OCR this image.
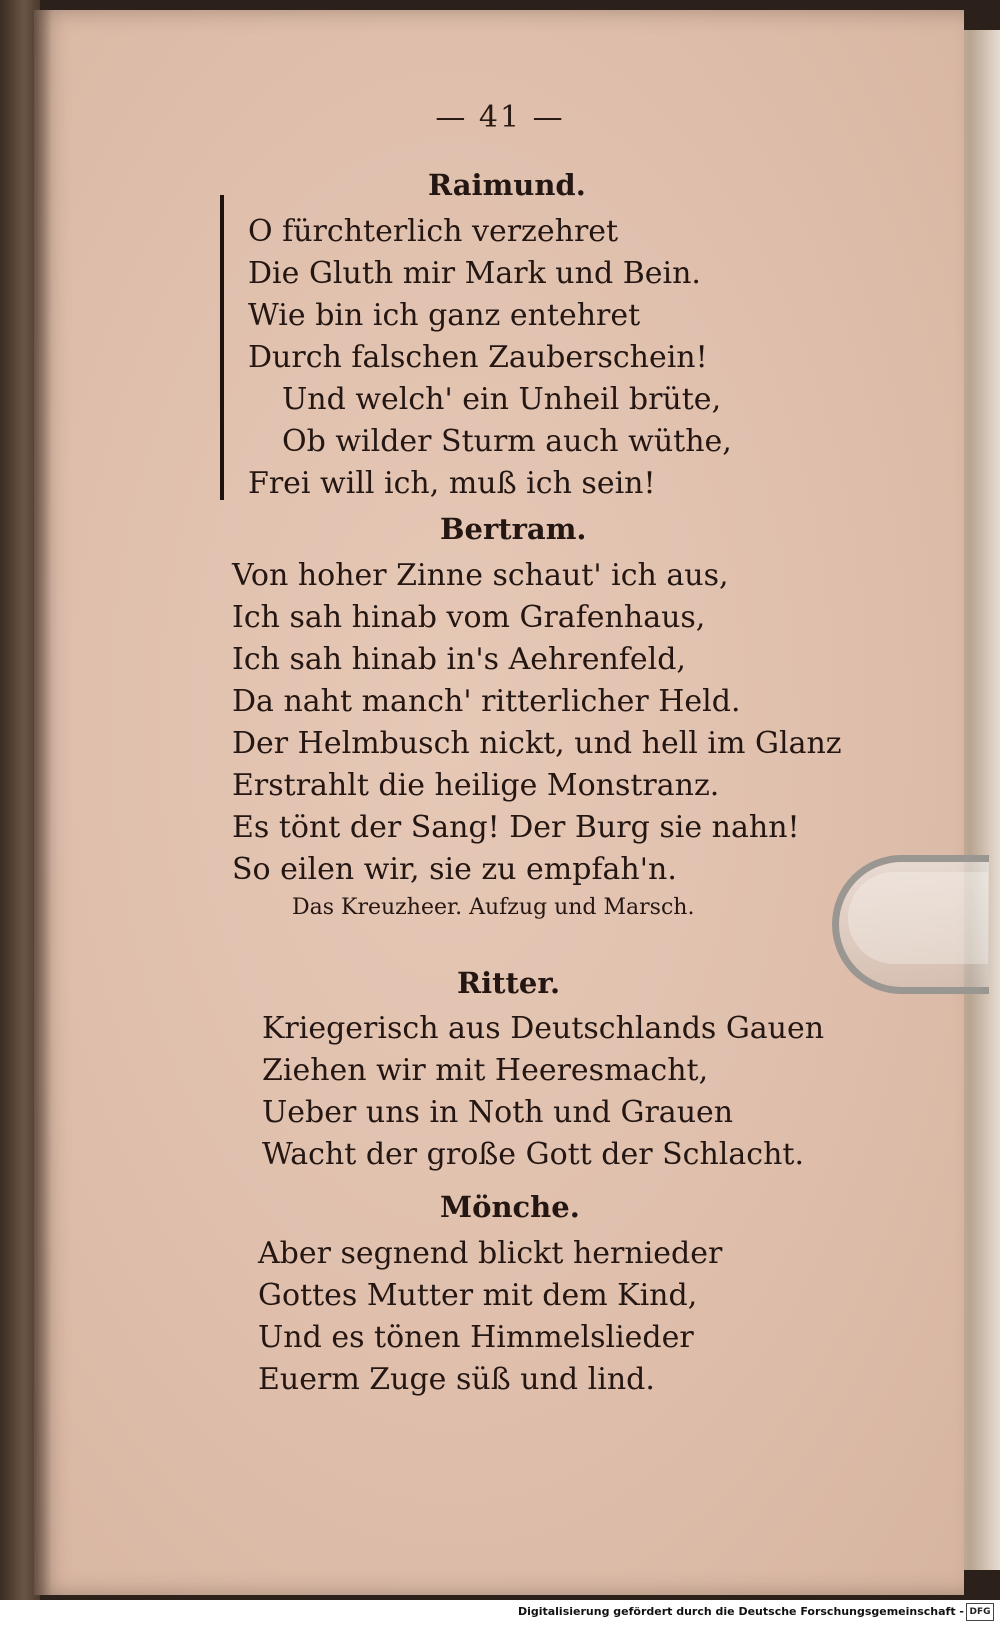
— 41 —
Raimund.
O fürchterlich verzehret
Die Gluth mir Mark und Bein.
Wie bin ich ganz entehret
Durch falschen Zauberschein!
Und welch' ein Unheil brüte,
Ob wilder Sturm auch wüthe,
Frei will ich, muß ich sein!
Bertram.
Von hoher Zinne schaut' ich aus,
Ich sah hinab vom Grafenhaus,
Ich sah hinab in's Aehrenfeld,
Da naht manch' ritterlicher Held.
Der Helmbusch nickt, und hell im Glanz
Erstrahlt die heilige Monstranz.
Es tönt der Sang! Der Burg sie nahn!
So eilen wir, sie zu empfah'n.
Das Kreuzheer. Aufzug und Marsch.
Ritter.
Kriegerisch aus Deutschlands Gauen
Ziehen wir mit Heeresmacht,
Ueber uns in Noth und Grauen
Wacht der große Gott der Schlacht.
Mönche.
Aber segnend blickt hernieder
Gottes Mutter mit dem Kind,
Und es tönen Himmelslieder
Euerm Zuge süß und lind.
Digitalisierung gefördert durch die Deutsche Forschungsgemeinschaft - DFG
